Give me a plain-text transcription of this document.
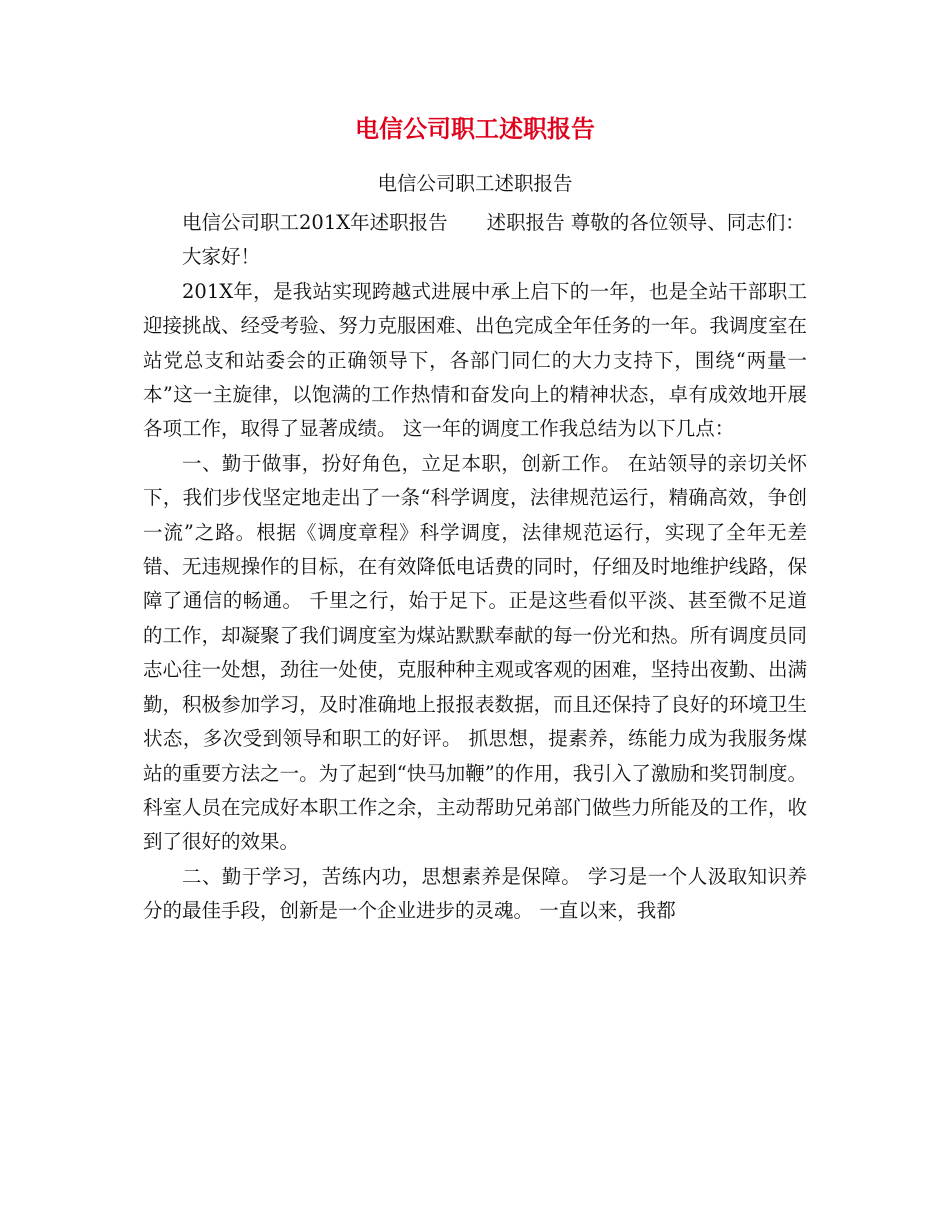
电信公司职工述职报告
电信公司职工述职报告

电信公司职工201X年述职报告　　述职报告 尊敬的各位领导、同志们：

大家好！

201X年，是我站实现跨越式进展中承上启下的一年，也是全站干部职工迎接挑战、经受考验、努力克服困难、出色完成全年任务的一年。我调度室在站党总支和站委会的正确领导下，各部门同仁的大力支持下，围绕“两量一本”这一主旋律，以饱满的工作热情和奋发向上的精神状态，卓有成效地开展各项工作，取得了显著成绩。 这一年的调度工作我总结为以下几点：

一、勤于做事，扮好角色，立足本职，创新工作。 在站领导的亲切关怀下，我们步伐坚定地走出了一条“科学调度，法律规范运行，精确高效，争创一流”之路。根据《调度章程》科学调度，法律规范运行，实现了全年无差错、无违规操作的目标，在有效降低电话费的同时，仔细及时地维护线路，保障了通信的畅通。 千里之行，始于足下。正是这些看似平淡、甚至微不足道的工作，却凝聚了我们调度室为煤站默默奉献的每一份光和热。所有调度员同志心往一处想，劲往一处使，克服种种主观或客观的困难，坚持出夜勤、出满勤，积极参加学习，及时准确地上报报表数据，而且还保持了良好的环境卫生状态，多次受到领导和职工的好评。 抓思想，提素养，练能力成为我服务煤站的重要方法之一。为了起到“快马加鞭”的作用，我引入了激励和奖罚制度。科室人员在完成好本职工作之余，主动帮助兄弟部门做些力所能及的工作，收到了很好的效果。

二、勤于学习，苦练内功，思想素养是保障。 学习是一个人汲取知识养分的最佳手段，创新是一个企业进步的灵魂。 一直以来，我都
